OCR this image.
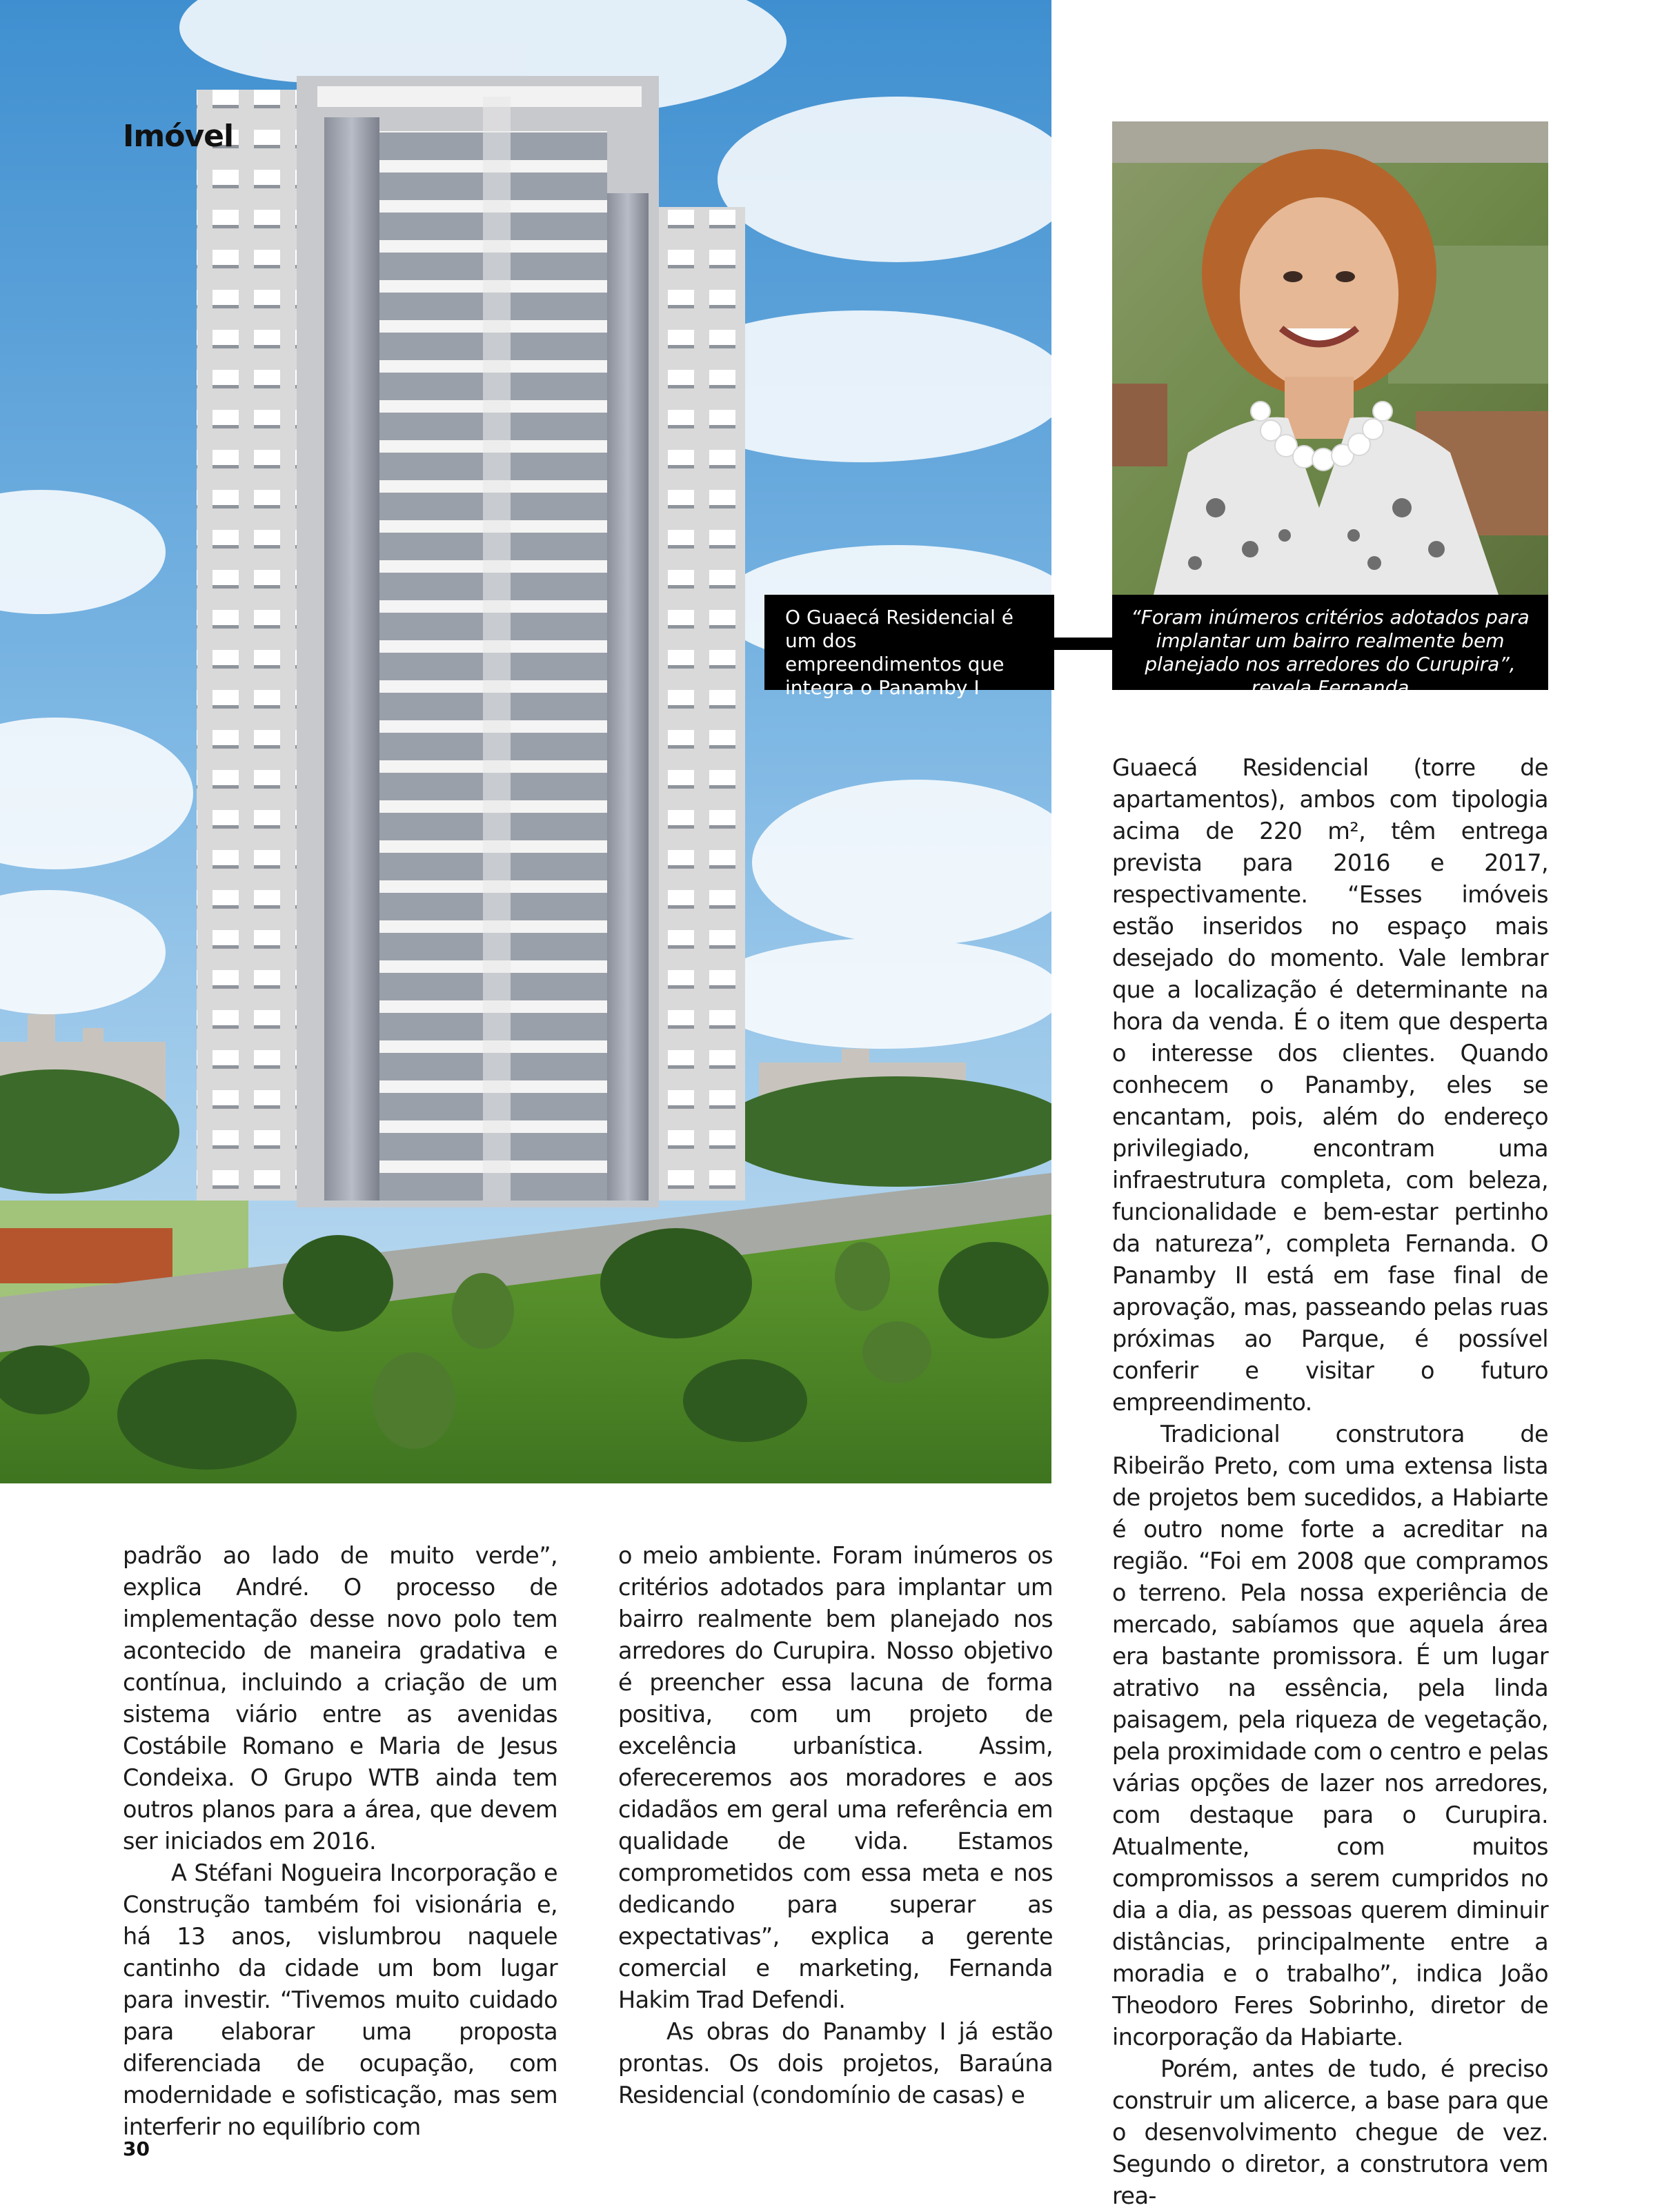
Imóvel
O Guaecá Residencial é um dos empreendimentos que integra o Panamby I
“Foram inúmeros critérios adotados para implantar um bairro realmente bem planejado nos arredores do Curupira”, revela Fernanda

padrão ao lado de muito verde”, explica André. O processo de implementação desse novo polo tem acontecido de maneira gradativa e contínua, incluindo a criação de um sistema viário entre as avenidas Costábile Romano e Maria de Jesus Condeixa. O Grupo WTB ainda tem outros planos para a área, que devem ser iniciados em 2016.

A Stéfani Nogueira Incorporação e Construção também foi visionária e, há 13 anos, vislumbrou naquele cantinho da cidade um bom lugar para investir. “Tivemos muito cuidado para elaborar uma proposta diferenciada de ocupação, com modernidade e sofisticação, mas sem interferir no equilíbrio com

o meio ambiente. Foram inúmeros os critérios adotados para implantar um bairro realmente bem planejado nos arredores do Curupira. Nosso objetivo é preencher essa lacuna de forma positiva, com um projeto de excelência urbanística. Assim, ofereceremos aos moradores e aos cidadãos em geral uma referência em qualidade de vida. Estamos comprometidos com essa meta e nos dedicando para superar as expectativas”, explica a gerente comercial e marketing, Fernanda Hakim Trad Defendi.

As obras do Panamby I já estão prontas. Os dois projetos, Baraúna Residencial (condomínio de casas) e

Guaecá Residencial (torre de apartamentos), ambos com tipologia acima de 220 m², têm entrega prevista para 2016 e 2017, respectivamente. “Esses imóveis estão inseridos no espaço mais desejado do momento. Vale lembrar que a localização é determinante na hora da venda. É o item que desperta o interesse dos clientes. Quando conhecem o Panamby, eles se encantam, pois, além do endereço privilegiado, encontram uma infraestrutura completa, com beleza, funcionalidade e bem-estar pertinho da natureza”, completa Fernanda. O Panamby II está em fase final de aprovação, mas, passeando pelas ruas próximas ao Parque, é possível conferir e visitar o futuro empreendimento.

Tradicional construtora de Ribeirão Preto, com uma extensa lista de projetos bem sucedidos, a Habiarte é outro nome forte a acreditar na região. “Foi em 2008 que compramos o terreno. Pela nossa experiência de mercado, sabíamos que aquela área era bastante promissora. É um lugar atrativo na essência, pela linda paisagem, pela riqueza de vegetação, pela proximidade com o centro e pelas várias opções de lazer nos arredores, com destaque para o Curupira. Atualmente, com muitos compromissos a serem cumpridos no dia a dia, as pessoas querem diminuir distâncias, principalmente entre a moradia e o trabalho”, indica João Theodoro Feres Sobrinho, diretor de incorporação da Habiarte.

Porém, antes de tudo, é preciso construir um alicerce, a base para que o desenvolvimento chegue de vez. Segundo o diretor, a construtora vem rea-

30
